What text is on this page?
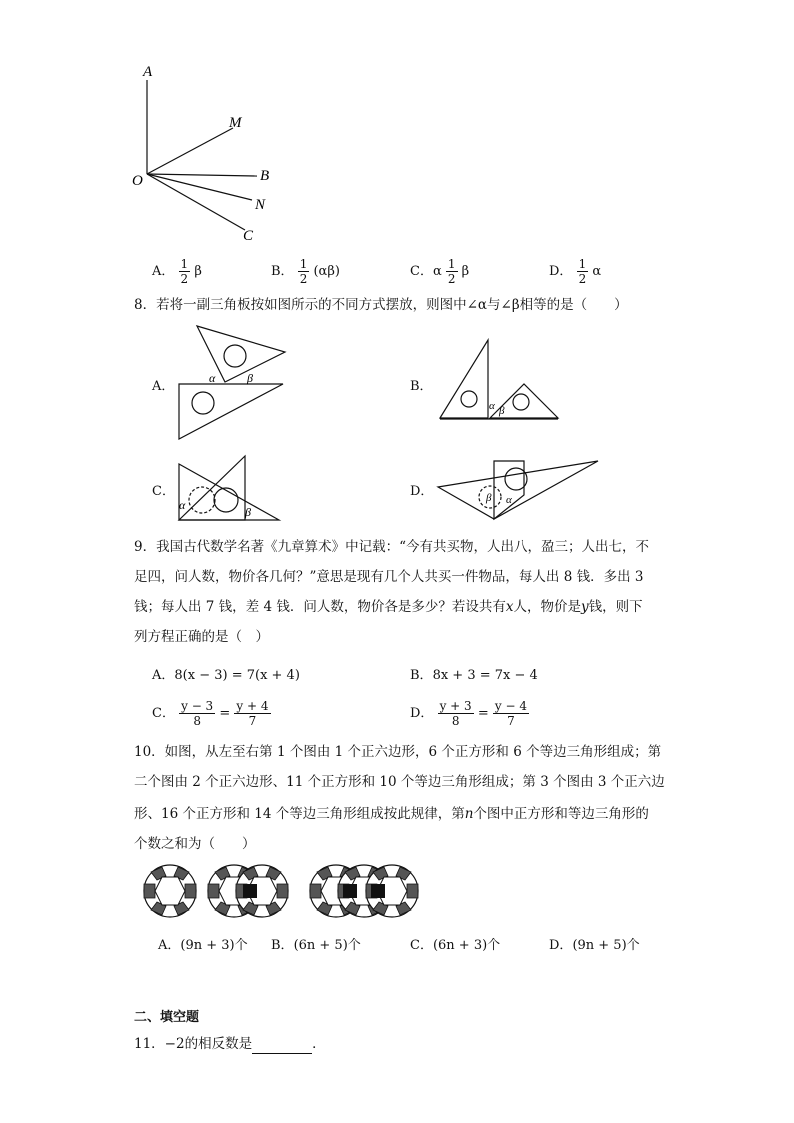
A
M
O	B
N
C
A． $\frac{1}{2}$ β	B． $\frac{1}{2} (\alpha\beta)$	C．α $\frac{1}{2}$ β	D． $\frac{1}{2}$ α
8．若将一副三角板按如图所示的不同方式摆放，则图中∠α与∠β相等的是（　　）
A．
α	β
B．
α β
C．
α	β
D．	β α
9．我国古代数学名著《九章算术》中记载：“今有共买物，人出八，盈三；人出七，不
足四，问人数，物价各几何？”意思是现有几个人共买一件物品，每人出 8 钱．多出 3
钱；每人出 7 钱，差 4 钱．问人数，物价各是多少？若设共有x人，物价是y钱，则下
列方程正确的是（　）
A．8(x − 3) = 7(x + 4)	B．8x + 3 = 7x − 4
C． $\frac{y - 3}{8} = \frac{y + 4}{7}$	D． $\frac{y + 3}{8} = \frac{y - 4}{7}$
10．如图，从左至右第 1 个图由 1 个正六边形，6 个正方形和 6 个等边三角形组成；第
二个图由 2 个正六边形、11 个正方形和 10 个等边三角形组成；第 3 个图由 3 个正六边
形、16 个正方形和 14 个等边三角形组成按此规律，第n个图中正方形和等边三角形的
个数之和为（　　）
A．(9n + 3)个 B．(6n + 5)个	C．(6n + 3)个	D．(9n + 5)个
二、填空题
11．−2的相反数是	．
